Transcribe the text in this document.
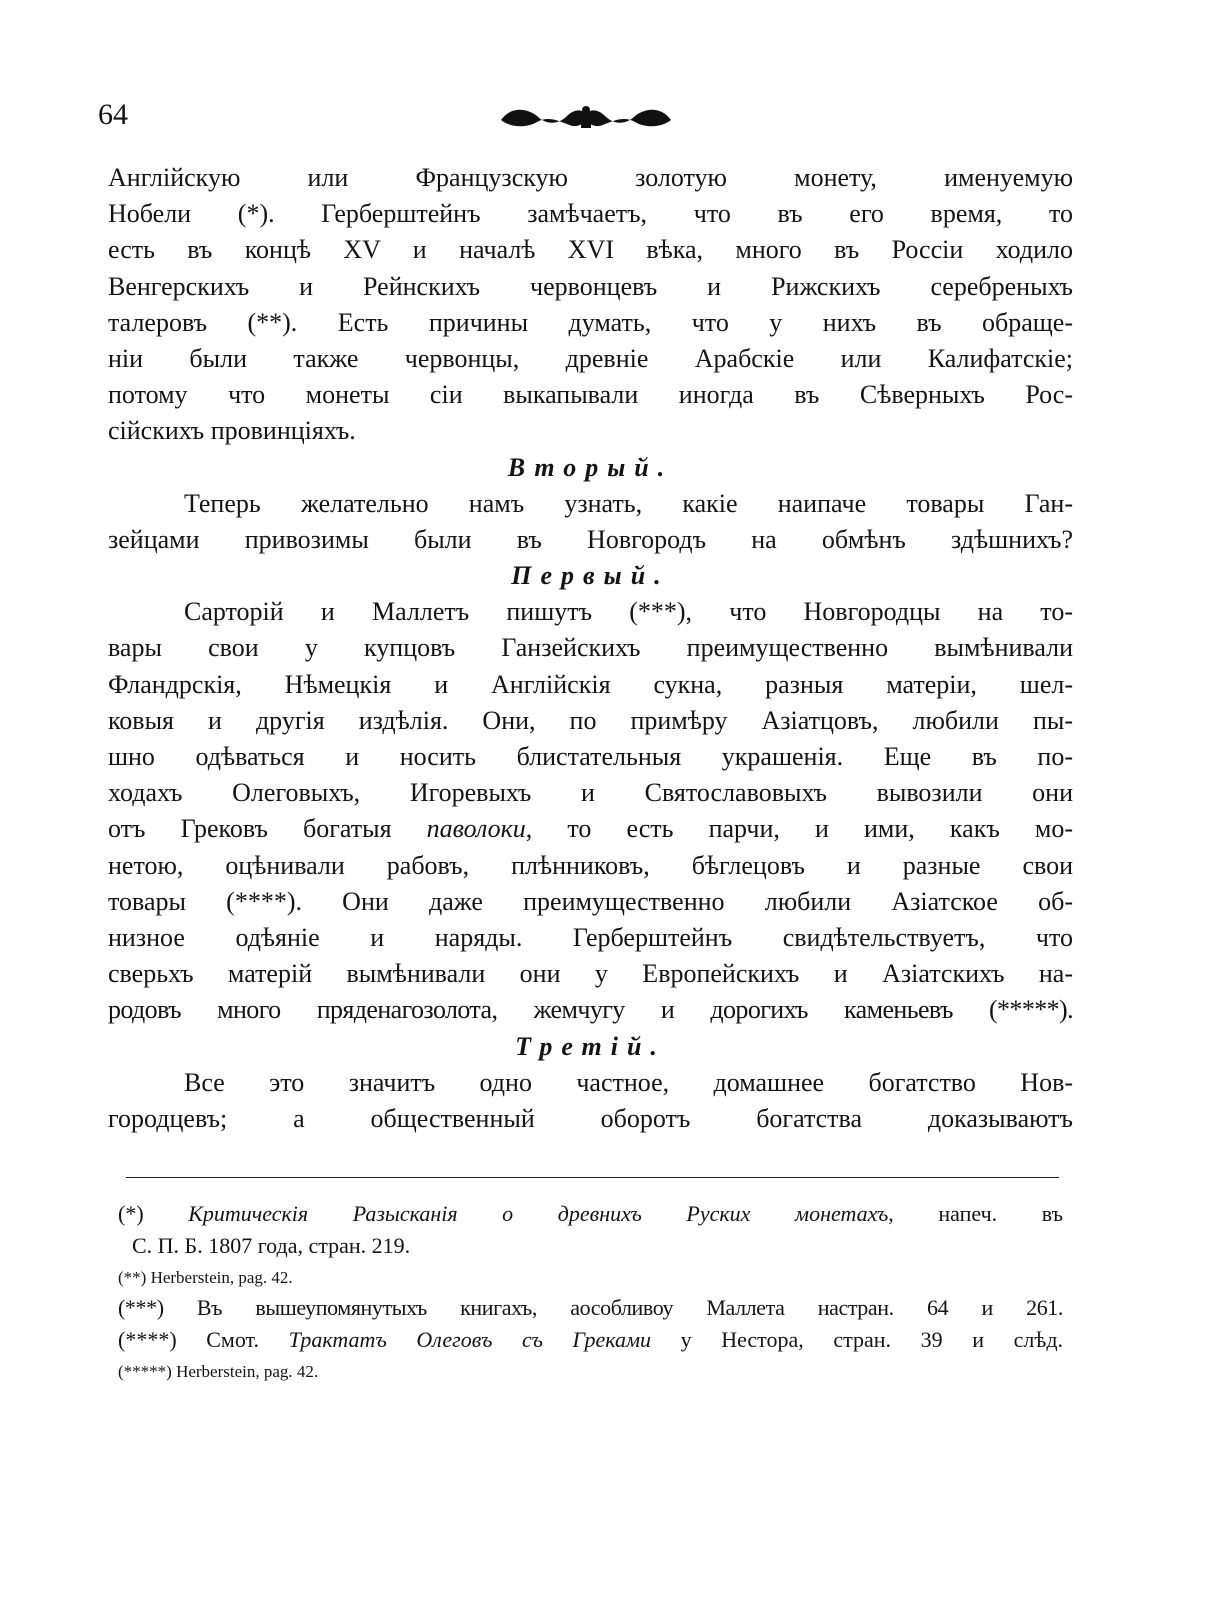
64
Англійскую или Французскую золотую монету, именуемую
Нобели (*). Герберштейнъ замѣчаетъ, что въ его время, то
есть въ концѣ XV и началѣ XVI вѣка, много въ Россіи ходило
Венгерскихъ и Рейнскихъ червонцевъ и Рижскихъ серебреныхъ
талеровъ (**). Есть причины думать, что у нихъ въ обраще-
ніи были также червонцы, древніе Арабскіе или Калифатскіе;
потому что монеты сіи выкапывали иногда въ Сѣверныхъ Рос-
сійскихъ провинціяхъ.
Вторый.
Теперь желательно намъ узнать, какіе наипаче товары Ган-
зейцами привозимы были въ Новгородъ на обмѣнъ здѣшнихъ?
Первый.
Сарторій и Маллетъ пишутъ (***), что Новгородцы на то-
вары свои у купцовъ Ганзейскихъ преимущественно вымѣнивали
Фландрскія, Нѣмецкія и Англійскія сукна, разныя матеріи, шел-
ковыя и другія издѣлія. Они, по примѣру Азіатцовъ, любили пы-
шно одѣваться и носить блистательныя украшенія. Еще въ по-
ходахъ Олеговыхъ, Игоревыхъ и Святославовыхъ вывозили они
отъ Грековъ богатыя паволоки, то есть парчи, и ими, какъ мо-
нетою, оцѣнивали рабовъ, плѣнниковъ, бѣглецовъ и разные свои
товары (****). Они даже преимущественно любили Азіатское об-
низное одѣяніе и наряды. Герберштейнъ свидѣтельствуетъ, что
сверьхъ матерій вымѣнивали они у Европейскихъ и Азіатскихъ на-
родовъ много пряденагозолота, жемчугу и дорогихъ каменьевъ (*****).
Третій.
Все это значитъ одно частное, домашнее богатство Нов-
городцевъ; а общественный оборотъ богатства доказываютъ
(*) Критическія Разысканія о древнихъ Руских монетахъ, напеч. въ
С. П. Б. 1807 года, стран. 219.
(**) Herberstein, pag. 42.
(***) Въ вышеупомянутыхъ книгахъ, аособливоу Маллета настран. 64 и 261.
(****) Смот. Трактатъ Олеговъ съ Греками у Нестора, стран. 39 и слѣд.
(*****) Herberstein, pag. 42.
